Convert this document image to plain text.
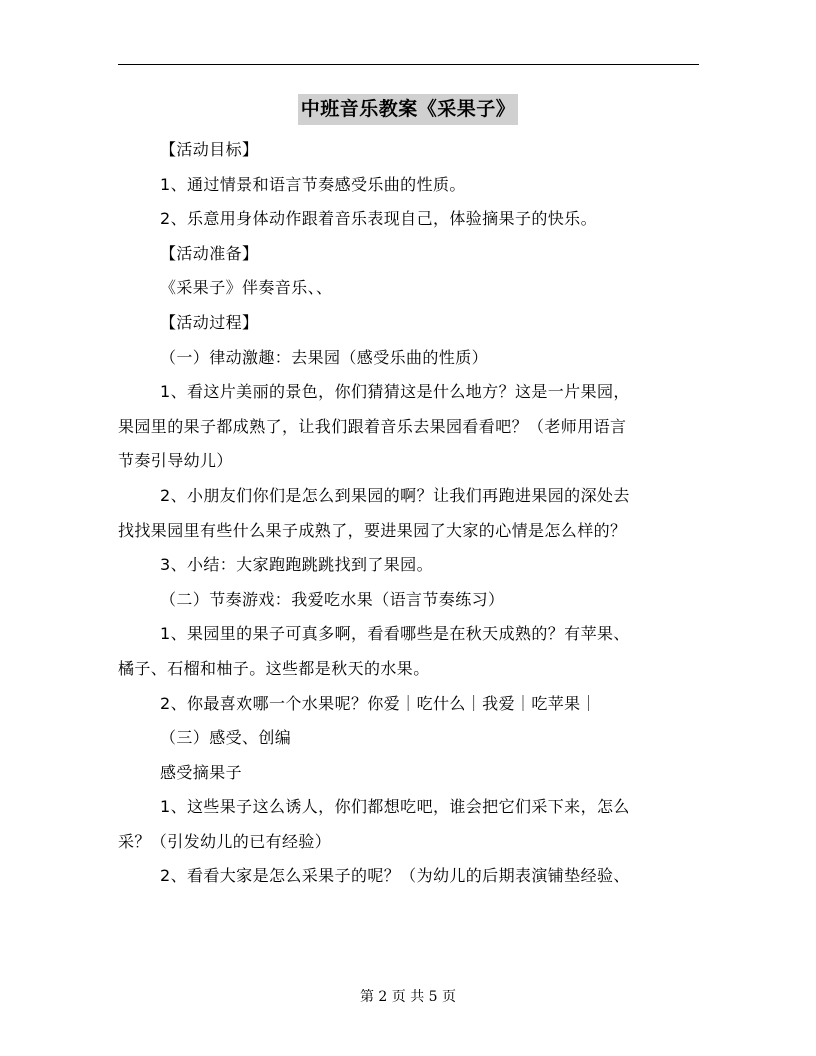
中班音乐教案《采果子》

【活动目标】

1、通过情景和语言节奏感受乐曲的性质。

2、乐意用身体动作跟着音乐表现自己，体验摘果子的快乐。

【活动准备】

《采果子》伴奏音乐、、

【活动过程】

（一）律动激趣：去果园（感受乐曲的性质）

1、看这片美丽的景色，你们猜猜这是什么地方？这是一片果园，

果园里的果子都成熟了，让我们跟着音乐去果园看看吧？（老师用语言

节奏引导幼儿）

2、小朋友们你们是怎么到果园的啊？让我们再跑进果园的深处去

找找果园里有些什么果子成熟了，要进果园了大家的心情是怎么样的？

3、小结：大家跑跑跳跳找到了果园。

（二）节奏游戏：我爱吃水果（语言节奏练习）

1、果园里的果子可真多啊，看看哪些是在秋天成熟的？有苹果、

橘子、石榴和柚子。这些都是秋天的水果。

2、你最喜欢哪一个水果呢？你爱｜吃什么｜我爱｜吃苹果｜

（三）感受、创编

感受摘果子

1、这些果子这么诱人，你们都想吃吧，谁会把它们采下来，怎么

采？（引发幼儿的已有经验）

2、看看大家是怎么采果子的呢？（为幼儿的后期表演铺垫经验、

第 2 页 共 5 页
